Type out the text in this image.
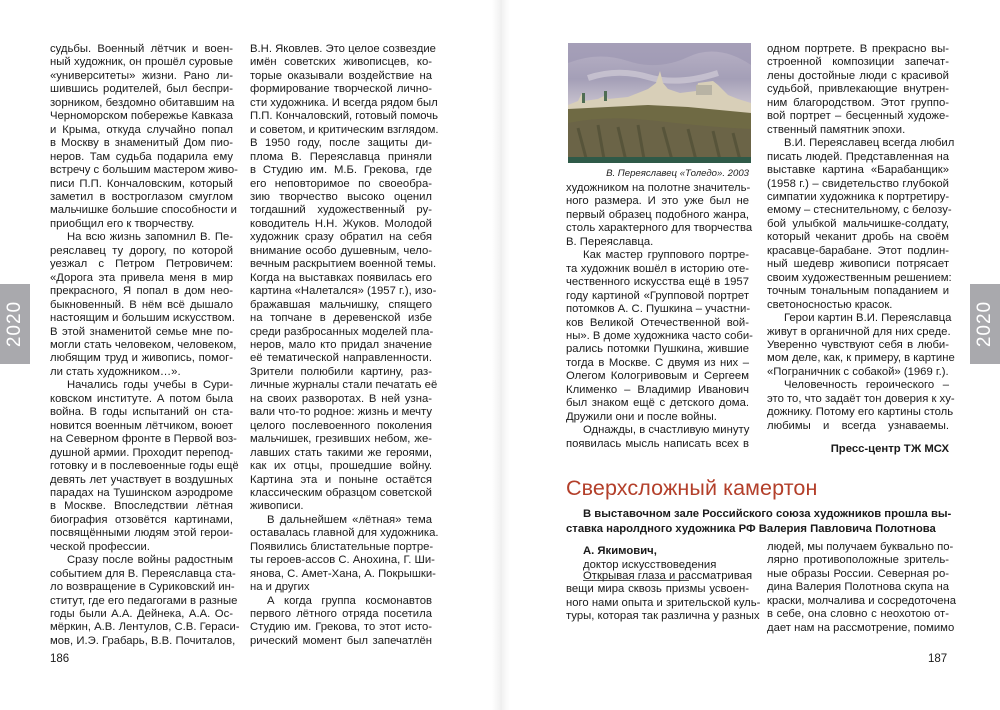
судьбы. Военный лётчик и воен-
ный художник, он прошёл суровые
«университеты» жизни. Рано ли-
шившись родителей, был беспри-
зорником, бездомно обитавшим на
Черноморском побережье Кавказа
и Крыма, откуда случайно попал
в Москву в знаменитый Дом пио-
неров. Там судьба подарила ему
встречу с большим мастером живо-
писи П.П. Кончаловским, который
заметил в востроглазом смуглом
мальчишке большие способности и
приобщил его к творчеству.
На всю жизнь запомнил В. Пе-
реяславец ту дорогу, по которой
уезжал с Петром Петровичем:
«Дорога эта привела меня в мир
прекрасного, Я попал в дом нео-
быкновенный. В нём всё дышало
настоящим и большим искусством.
В этой знаменитой семье мне по-
могли стать человеком, человеком,
любящим труд и живопись, помог-
ли стать художником…».
Начались годы учебы в Сури-
ковском институте. А потом была
война. В годы испытаний он ста-
новится военным лётчиком, воюет
на Северном фронте в Первой воз-
душной армии. Проходит перепод-
готовку и в послевоенные годы ещё
девять лет участвует в воздушных
парадах на Тушинском аэродроме
в Москве. Впоследствии лётная
биография отзовётся картинами,
посвящёнными людям этой герои-
ческой профессии.
Сразу после войны радостным
событием для В. Переяславца ста-
ло возвращение в Суриковский ин-
ститут, где его педагогами в разные
годы были А.А. Дейнека, А.А. Ос-
мёркин, А.В. Лентулов, С.В. Гераси-
мов, И.Э. Грабарь, В.В. Почиталов,
В.Н. Яковлев. Это целое созвездие
имён советских живописцев, ко-
торые оказывали воздействие на
формирование творческой лично-
сти художника. И всегда рядом был
П.П. Кончаловский, готовый помочь
и советом, и критическим взглядом.
В 1950 году, после защиты ди-
плома В. Переяславца приняли
в Студию им. М.Б. Грекова, где
его неповторимое по своеобра-
зию творчество высоко оценил
тогдашний художественный ру-
ководитель Н.Н. Жуков. Молодой
художник сразу обратил на себя
внимание особо душевным, чело-
вечным раскрытием военной темы.
Когда на выставках появилась его
картина «Налетался» (1957 г.), изо-
бражавшая мальчишку, спящего
на топчане в деревенской избе
среди разбросанных моделей пла-
неров, мало кто придал значение
её тематической направленности.
Зрители полюбили картину, раз-
личные журналы стали печатать её
на своих разворотах. В ней узна-
вали что-то родное: жизнь и мечту
целого послевоенного поколения
мальчишек, грезивших небом, же-
лавших стать такими же героями,
как их отцы, прошедшие войну.
Картина эта и поныне остаётся
классическим образцом советской
живописи.
В дальнейшем «лётная» тема
оставалась главной для художника.
Появились блистательные портре-
ты героев-ассов С. Анохина, Г. Ши-
янова, С. Амет-Хана, А. Покрышки-
на и других
А когда группа космонавтов
первого лётного отряда посетила
Студию им. Грекова, то этот исто-
рический момент был запечатлён
2020
186
В. Переяславец «Толедо». 2003
художником на полотне значитель-
ного размера. И это уже был не
первый образец подобного жанра,
столь характерного для творчества
В. Переяславца.
Как мастер группового портре-
та художник вошёл в историю оте-
чественного искусства ещё в 1957
году картиной «Групповой портрет
потомков А. С. Пушкина – участни-
ков Великой Отечественной вой-
ны». В доме художника часто соби-
рались потомки Пушкина, жившие
тогда в Москве. С двумя из них –
Олегом Кологривовым и Сергеем
Клименко – Владимир Иванович
был знаком ещё с детского дома.
Дружили они и после войны.
Однажды, в счастливую минуту
появилась мысль написать всех в
одном портрете. В прекрасно вы-
строенной композиции запечат-
лены достойные люди с красивой
судьбой, привлекающие внутрен-
ним благородством. Этот группо-
вой портрет – бесценный художе-
ственный памятник эпохи.
В.И. Переяславец всегда любил
писать людей. Представленная на
выставке картина «Барабанщик»
(1958 г.) – свидетельство глубокой
симпатии художника к портретиру-
емому – стеснительному, с белозу-
бой улыбкой мальчишке-солдату,
который чеканит дробь на своём
красавце-барабане. Этот подлин-
ный шедевр живописи потрясает
своим художественным решением:
точным тональным попаданием и
светоносностью красок.
Герои картин В.И. Переяславца
живут в органичной для них среде.
Уверенно чувствуют себя в люби-
мом деле, как, к примеру, в картине
«Пограничник с собакой» (1969 г.).
Человечность героического –
это то, что задаёт тон доверия к ху-
дожнику. Потому его картины столь
любимы и всегда узнаваемы.
Пресс-центр ТЖ МСХ
Сверхсложный камертон
В выставочном зале Российского союза художников прошла вы-
ставка наролдного художника РФ Валерия Павловича Полотнова
А. Якимович,
доктор искусствоведения
Открывая глаза и рассматривая
вещи мира сквозь призмы усвоен-
ного нами опыта и зрительской куль-
туры, которая так различна у разных
людей, мы получаем буквально по-
лярно противоположные зритель-
ные образы России. Северная ро-
дина Валерия Полотнова скупа на
краски, молчалива и сосредоточена
в себе, она словно с неохотою от-
дает нам на рассмотрение, помимо
2020
187
